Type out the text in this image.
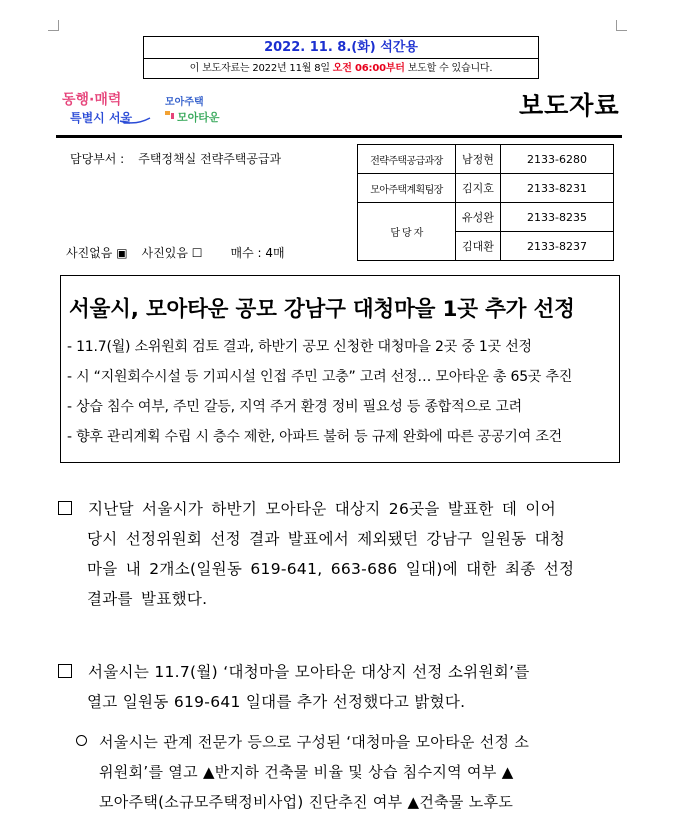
2022. 11. 8.(화) 석간용
이 보도자료는 2022년 11월 8일 오전 06:00부터 보도할 수 있습니다.
동행·매력
특별시 서울
모아주택
모아타운	보도자료
담당부서 : 주택정책실 전략주택공급과
사진없음 ▣ 사진있음 ☐ 매수 : 4매
전략주택공급과장	남정현	2133-6280
모아주택계획팀장	김지호	2133-8231
담 당 자	유성완	2133-8235
	김대환	2133-8237
서울시, 모아타운 공모 강남구 대청마을 1곳 추가 선정
- 11.7(월) 소위원회 검토 결과, 하반기 공모 신청한 대청마을 2곳 중 1곳 선정
- 시 “지원회수시설 등 기피시설 인접 주민 고충” 고려 선정… 모아타운 총 65곳 추진
- 상습 침수 여부, 주민 갈등, 지역 주거 환경 정비 필요성 등 종합적으로 고려
- 향후 관리계획 수립 시 층수 제한, 아파트 불허 등 규제 완화에 따른 공공기여 조건
지난달 서울시가 하반기 모아타운 대상지 26곳을 발표한 데 이어
당시 선정위원회 선정 결과 발표에서 제외됐던 강남구 일원동 대청
마을 내 2개소(일원동 619-641, 663-686 일대)에 대한 최종 선정
결과를 발표했다.
서울시는 11.7(월) ‘대청마을 모아타운 대상지 선정 소위원회’를
열고 일원동 619-641 일대를 추가 선정했다고 밝혔다.
서울시는 관계 전문가 등으로 구성된 ‘대청마을 모아타운 선정 소
위원회’를 열고 ▲반지하 건축물 비율 및 상습 침수지역 여부 ▲
모아주택(소규모주택정비사업) 진단추진 여부 ▲건축물 노후도
